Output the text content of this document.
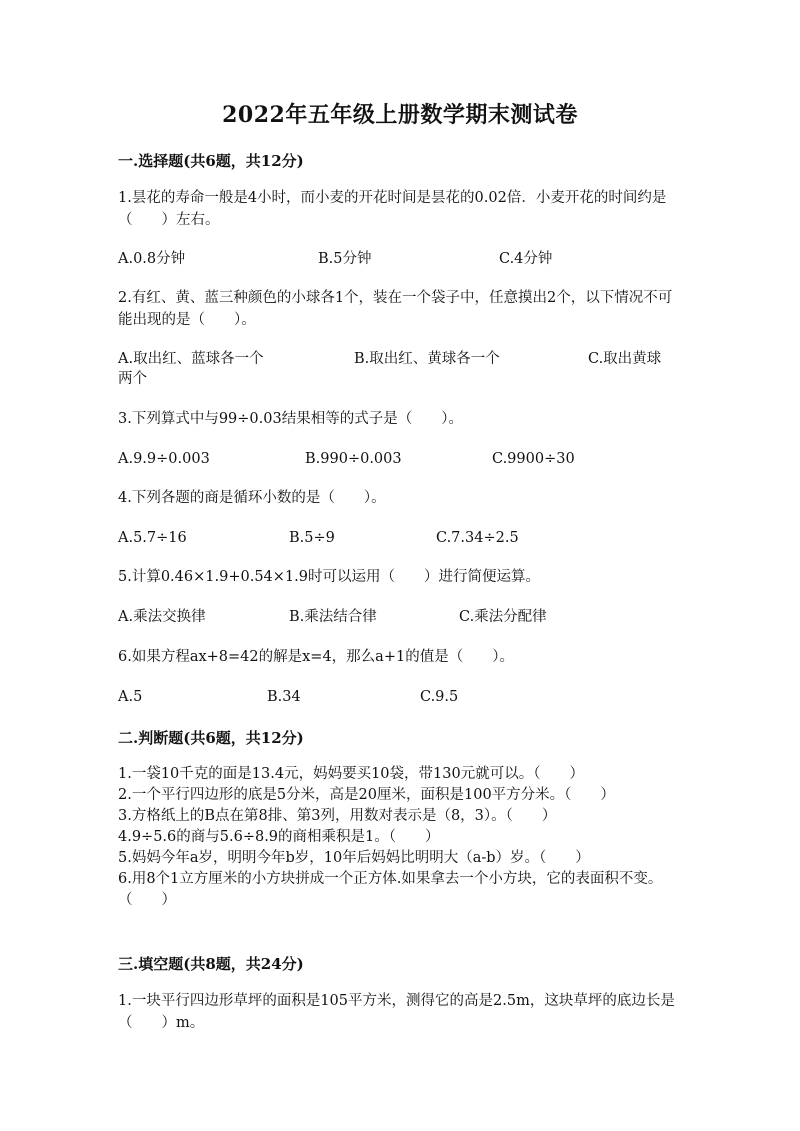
2022年五年级上册数学期末测试卷
一.选择题(共6题，共12分)
1.昙花的寿命一般是4小时，而小麦的开花时间是昙花的0.02倍．小麦开花的时间约是（　　）左右。
A.0.8分钟	B.5分钟	C.4分钟
2.有红、黄、蓝三种颜色的小球各1个，装在一个袋子中，任意摸出2个，以下情况不可能出现的是（　　）。
A.取出红、蓝球各一个	B.取出红、黄球各一个	C.取出黄球
两个
3.下列算式中与99÷0.03结果相等的式子是（　　）。
A.9.9÷0.003	B.990÷0.003	C.9900÷30
4.下列各题的商是循环小数的是（　　）。
A.5.7÷16	B.5÷9	C.7.34÷2.5
5.计算0.46×1.9+0.54×1.9时可以运用（　　）进行简便运算。
A.乘法交换律	B.乘法结合律	C.乘法分配律
6.如果方程ax+8=42的解是x=4，那么a+1的值是（　　）。
A.5	B.34	C.9.5
二.判断题(共6题，共12分)
1.一袋10千克的面是13.4元，妈妈要买10袋，带130元就可以。（　　）
2.一个平行四边形的底是5分米，高是20厘米，面积是100平方分米。（　　）
3.方格纸上的B点在第8排、第3列，用数对表示是（8，3）。（　　）
4.9÷5.6的商与5.6÷8.9的商相乘积是1。（　　）
5.妈妈今年a岁，明明今年b岁，10年后妈妈比明明大（a-b）岁。（　　）
6.用8个1立方厘米的小方块拼成一个正方体.如果拿去一个小方块，它的表面积不变。（　　）
三.填空题(共8题，共24分)
1.一块平行四边形草坪的面积是105平方米，测得它的高是2.5m，这块草坪的底边长是（　　）m。
